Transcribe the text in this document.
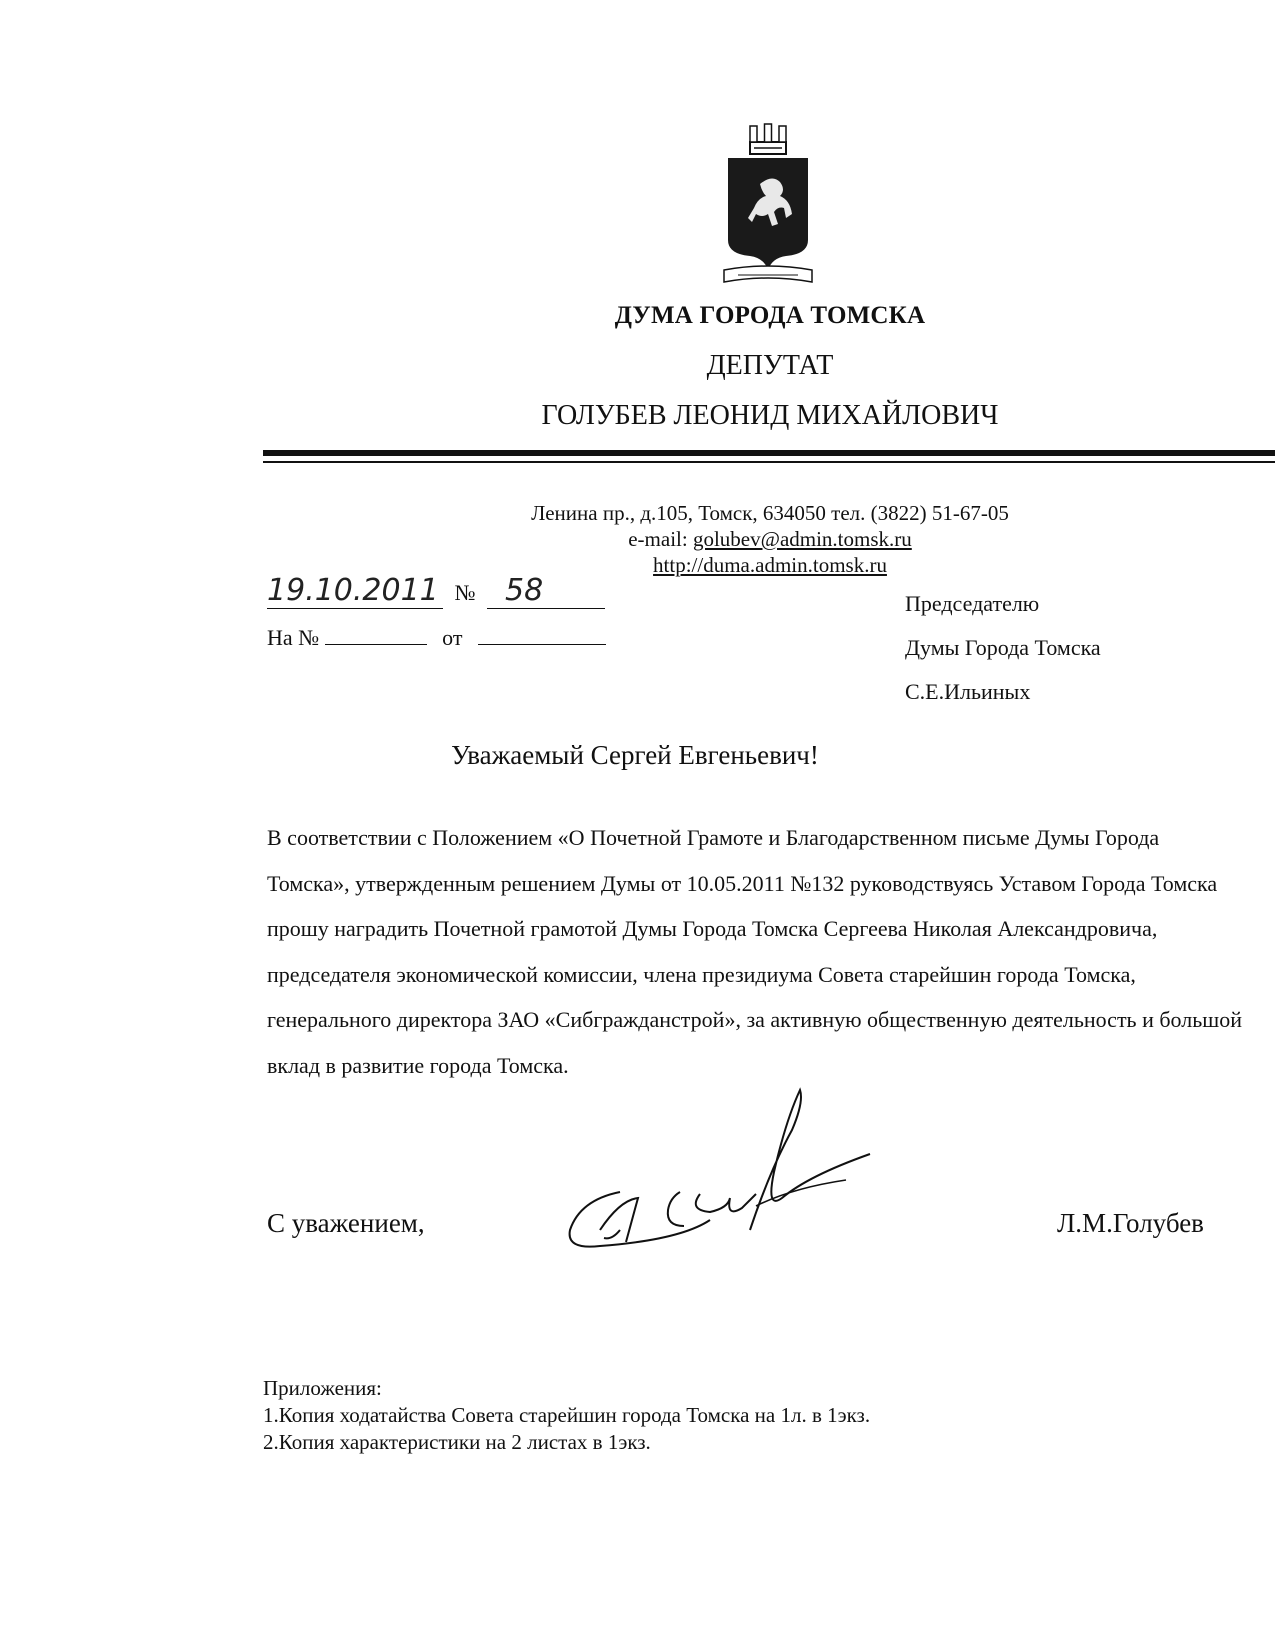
ДУМА ГОРОДА ТОМСКА
ДЕПУТАТ
ГОЛУБЕВ ЛЕОНИД МИХАЙЛОВИЧ
Ленина пр., д.105, Томск, 634050 тел. (3822) 51-67-05
e-mail: golubev@admin.tomsk.ru
http://duma.admin.tomsk.ru
19.10.2011 № 58
На №	от
Председателю
Думы Города Томска
С.Е.Ильиных
Уважаемый Сергей Евгеньевич!
В соответствии с Положением «О Почетной Грамоте и Благодарственном письме Думы Города Томска», утвержденным решением Думы от 10.05.2011 №132 руководствуясь Уставом Города Томска прошу наградить Почетной грамотой Думы Города Томска Сергеева Николая Александровича, председателя экономической комиссии, члена президиума Совета старейшин города Томска, генерального директора ЗАО «Сибгражданстрой», за активную общественную деятельность и большой вклад в развитие города Томска.
С уважением,	Л.М.Голубев
Приложения:
1.Копия ходатайства Совета старейшин города Томска на 1л. в 1экз.
2.Копия характеристики на 2 листах в 1экз.
